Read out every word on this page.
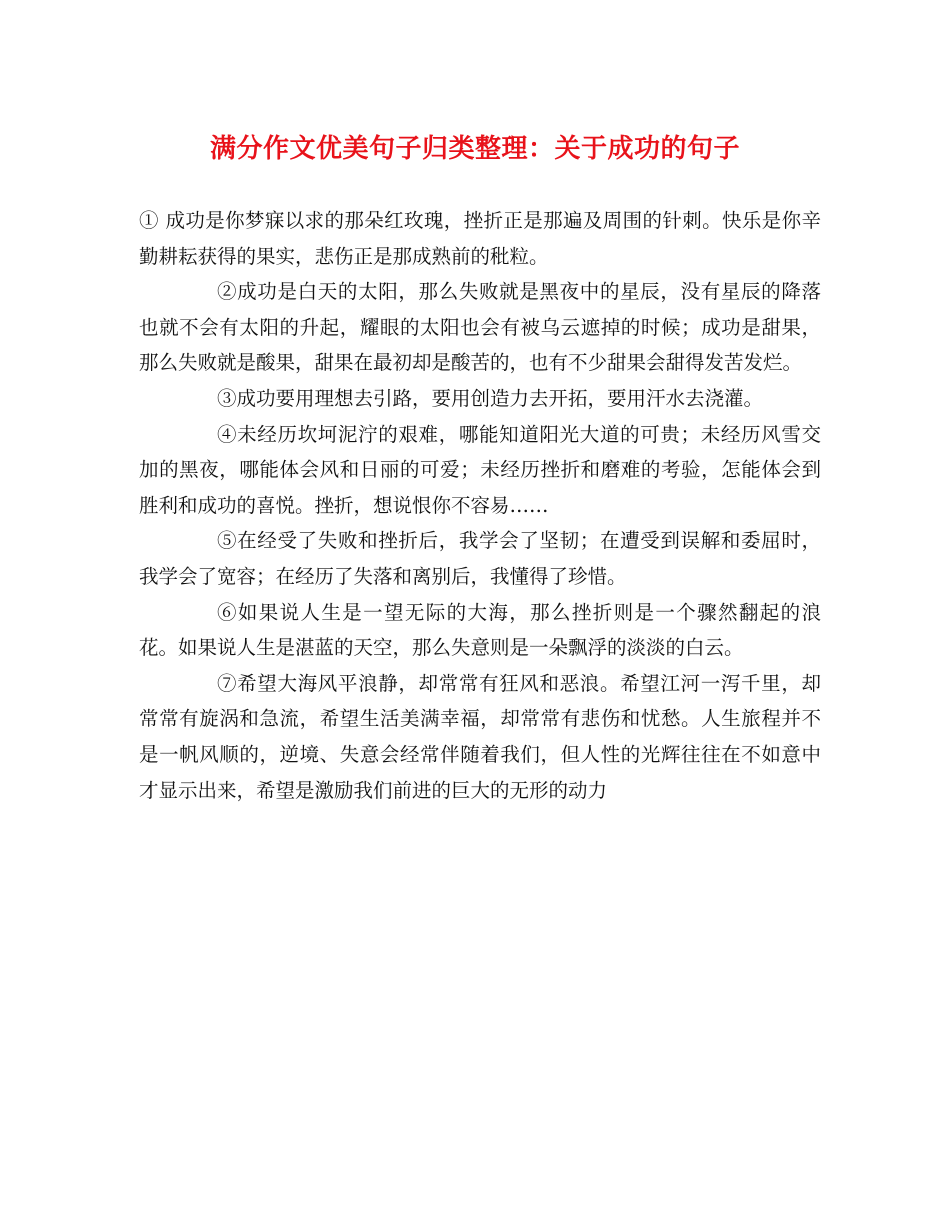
满分作文优美句子归类整理：关于成功的句子

① 成功是你梦寐以求的那朵红玫瑰，挫折正是那遍及周围的针刺。快乐是你辛勤耕耘获得的果实，悲伤正是那成熟前的秕粒。

②成功是白天的太阳，那么失败就是黑夜中的星辰，没有星辰的降落也就不会有太阳的升起，耀眼的太阳也会有被乌云遮掉的时候；成功是甜果，那么失败就是酸果，甜果在最初却是酸苦的，也有不少甜果会甜得发苦发烂。

③成功要用理想去引路，要用创造力去开拓，要用汗水去浇灌。

④未经历坎坷泥泞的艰难，哪能知道阳光大道的可贵；未经历风雪交加的黑夜，哪能体会风和日丽的可爱；未经历挫折和磨难的考验，怎能体会到胜利和成功的喜悦。挫折，想说恨你不容易……

⑤在经受了失败和挫折后，我学会了坚韧；在遭受到误解和委屈时，我学会了宽容；在经历了失落和离别后，我懂得了珍惜。

⑥如果说人生是一望无际的大海，那么挫折则是一个骤然翻起的浪花。如果说人生是湛蓝的天空，那么失意则是一朵飘浮的淡淡的白云。

⑦希望大海风平浪静，却常常有狂风和恶浪。希望江河一泻千里，却常常有旋涡和急流，希望生活美满幸福，却常常有悲伤和忧愁。人生旅程并不是一帆风顺的，逆境、失意会经常伴随着我们，但人性的光辉往往在不如意中才显示出来，希望是激励我们前进的巨大的无形的动力
